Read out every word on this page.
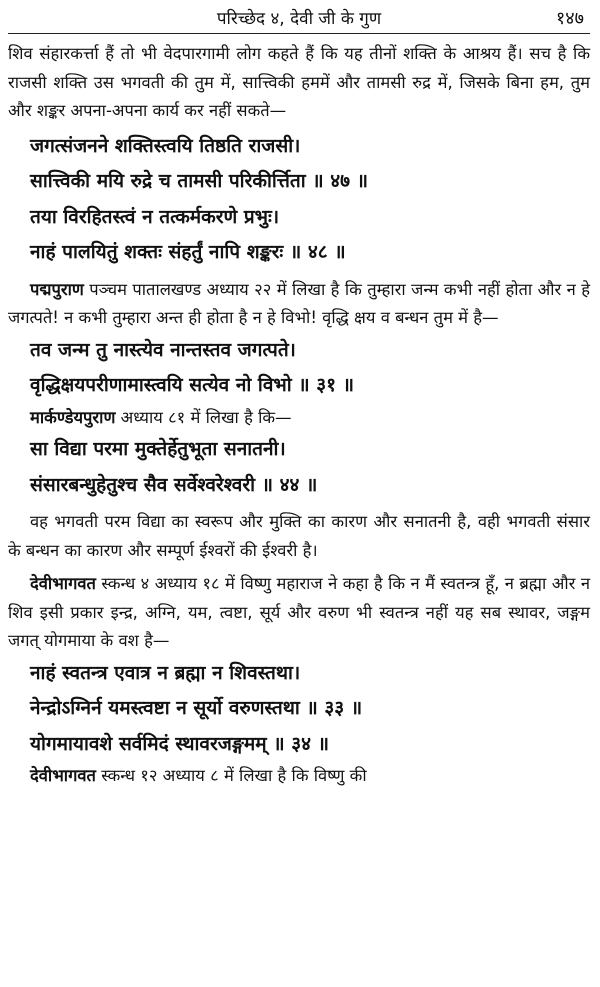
परिच्छेद ४, देवी जी के गुण	१४७

शिव संहारकर्त्ता हैं तो भी वेदपारगामी लोग कहते हैं कि यह तीनों शक्ति के आश्रय हैं। सच है कि राजसी शक्ति उस भगवती की तुम में, सात्त्विकी हममें और तामसी रुद्र में, जिसके बिना हम, तुम और शङ्कर अपना-अपना कार्य कर नहीं सकते—

जगत्संजनने शक्तिस्त्वयि तिष्ठति राजसी।
सात्त्विकी मयि रुद्रे च तामसी परिकीर्त्तिता ॥ ४७ ॥
तया विरहितस्त्वं न तत्कर्मकरणे प्रभुः।
नाहं पालयितुं शक्तः संहर्तुं नापि शङ्करः ॥ ४८ ॥

पद्मपुराण पञ्चम पातालखण्ड अध्याय २२ में लिखा है कि तुम्हारा जन्म कभी नहीं होता और न हे जगत्पते! न कभी तुम्हारा अन्त ही होता है न हे विभो! वृद्धि क्षय व बन्धन तुम में है—

तव जन्म तु नास्त्येव नान्तस्तव जगत्पते।
वृद्धिक्षयपरीणामास्त्वयि सत्येव नो विभो ॥ ३१ ॥

मार्कण्डेयपुराण अध्याय ८१ में लिखा है कि—

सा विद्या परमा मुक्तेर्हेतुभूता सनातनी।
संसारबन्धुहेतुश्च सैव सर्वेश्वरेश्वरी ॥ ४४ ॥

वह भगवती परम विद्या का स्वरूप और मुक्ति का कारण और सनातनी है, वही भगवती संसार के बन्धन का कारण और सम्पूर्ण ईश्वरों की ईश्वरी है।

देवीभागवत स्कन्ध ४ अध्याय १८ में विष्णु महाराज ने कहा है कि न मैं स्वतन्त्र हूँ, न ब्रह्मा और न शिव इसी प्रकार इन्द्र, अग्नि, यम, त्वष्टा, सूर्य और वरुण भी स्वतन्त्र नहीं यह सब स्थावर, जङ्गम जगत् योगमाया के वश है—

नाहं स्वतन्त्र एवात्र न ब्रह्मा न शिवस्तथा।
नेन्द्रोऽग्निर्न यमस्त्वष्टा न सूर्यो वरुणस्तथा ॥ ३३ ॥
योगमायावशे सर्वमिदं स्थावरजङ्गमम् ॥ ३४ ॥

देवीभागवत स्कन्ध १२ अध्याय ८ में लिखा है कि विष्णु की
